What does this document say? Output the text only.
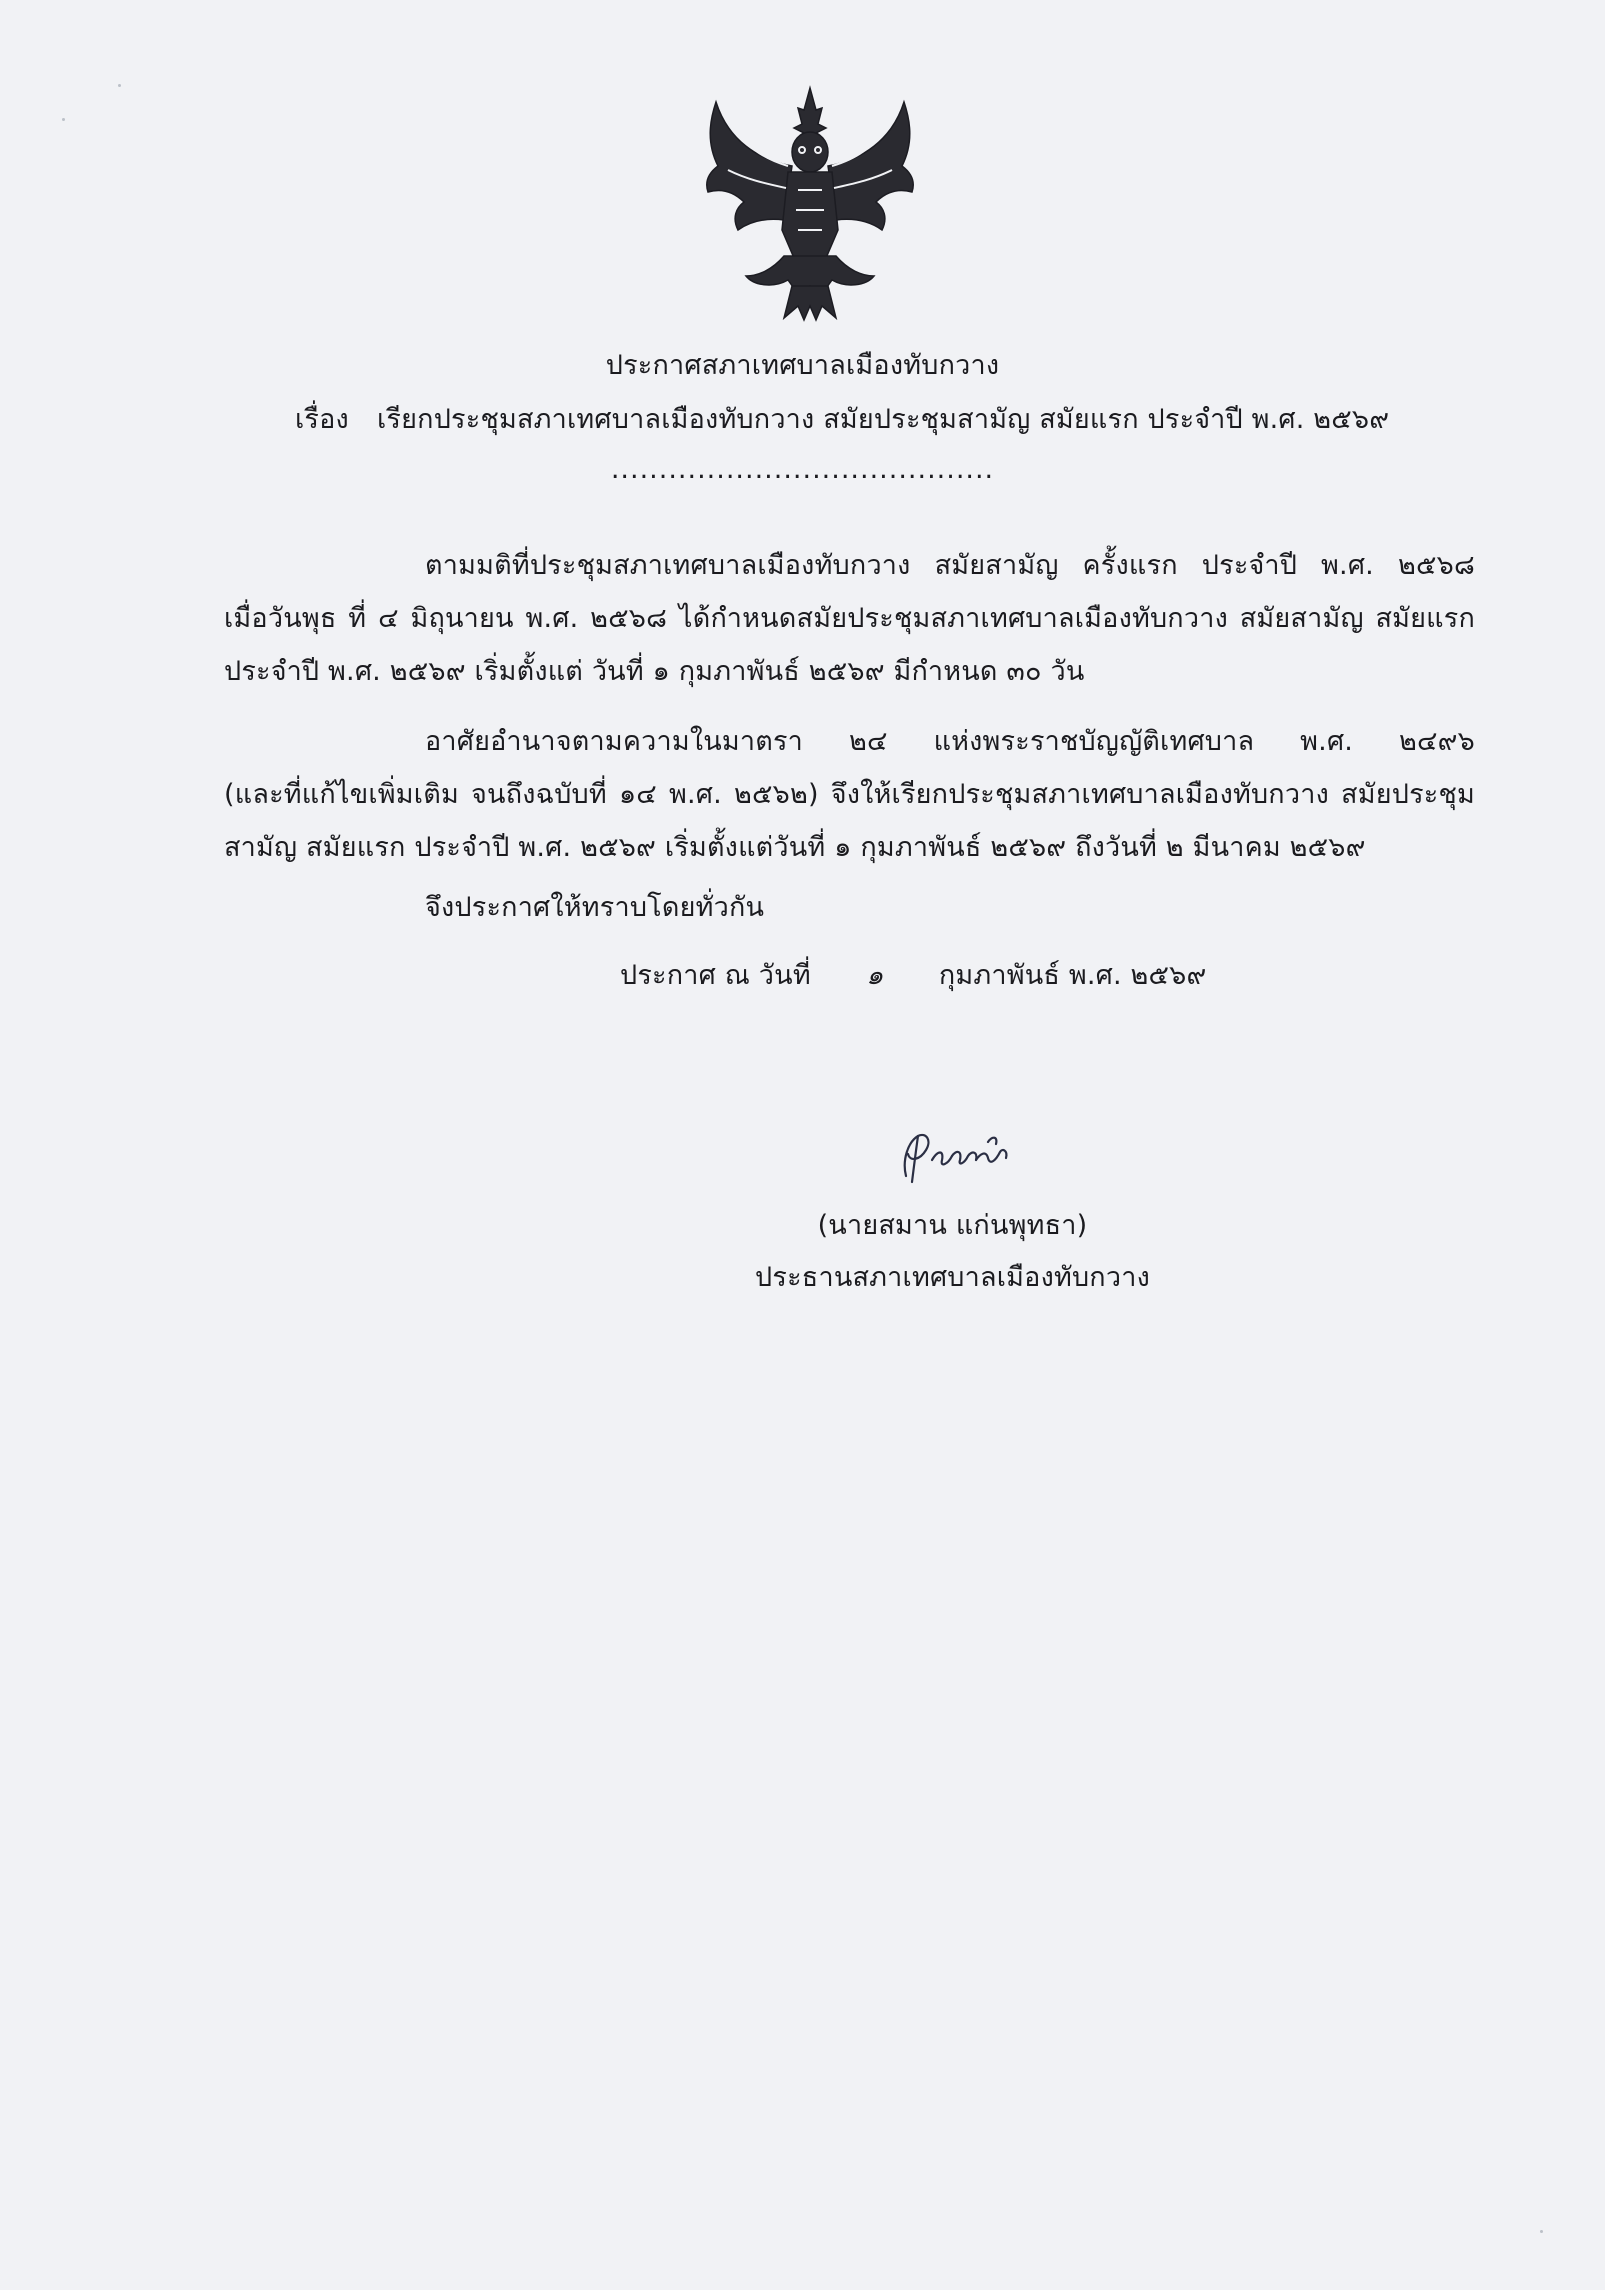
ประกาศสภาเทศบาลเมืองทับกวาง
เรื่อง เรียกประชุมสภาเทศบาลเมืองทับกวาง สมัยประชุมสามัญ สมัยแรก ประจำปี พ.ศ. ๒๕๖๙
........................................
ตามมติที่ประชุมสภาเทศบาลเมืองทับกวาง สมัยสามัญ ครั้งแรก ประจำปี พ.ศ. ๒๕๖๘
เมื่อวันพุธ ที่ ๔ มิถุนายน พ.ศ. ๒๕๖๘ ได้กำหนดสมัยประชุมสภาเทศบาลเมืองทับกวาง สมัยสามัญ สมัยแรก
ประจำปี พ.ศ. ๒๕๖๙ เริ่มตั้งแต่ วันที่ ๑ กุมภาพันธ์ ๒๕๖๙ มีกำหนด ๓๐ วัน
อาศัยอำนาจตามความในมาตรา ๒๔ แห่งพระราชบัญญัติเทศบาล พ.ศ. ๒๔๙๖
(และที่แก้ไขเพิ่มเติม จนถึงฉบับที่ ๑๔ พ.ศ. ๒๕๖๒) จึงให้เรียกประชุมสภาเทศบาลเมืองทับกวาง สมัยประชุม
สามัญ สมัยแรก ประจำปี พ.ศ. ๒๕๖๙ เริ่มตั้งแต่วันที่ ๑ กุมภาพันธ์ ๒๕๖๙ ถึงวันที่ ๒ มีนาคม ๒๕๖๙
จึงประกาศให้ทราบโดยทั่วกัน
ประกาศ ณ วันที่ ๑ กุมภาพันธ์ พ.ศ. ๒๕๖๙
(นายสมาน แก่นพุทธา)
ประธานสภาเทศบาลเมืองทับกวาง
